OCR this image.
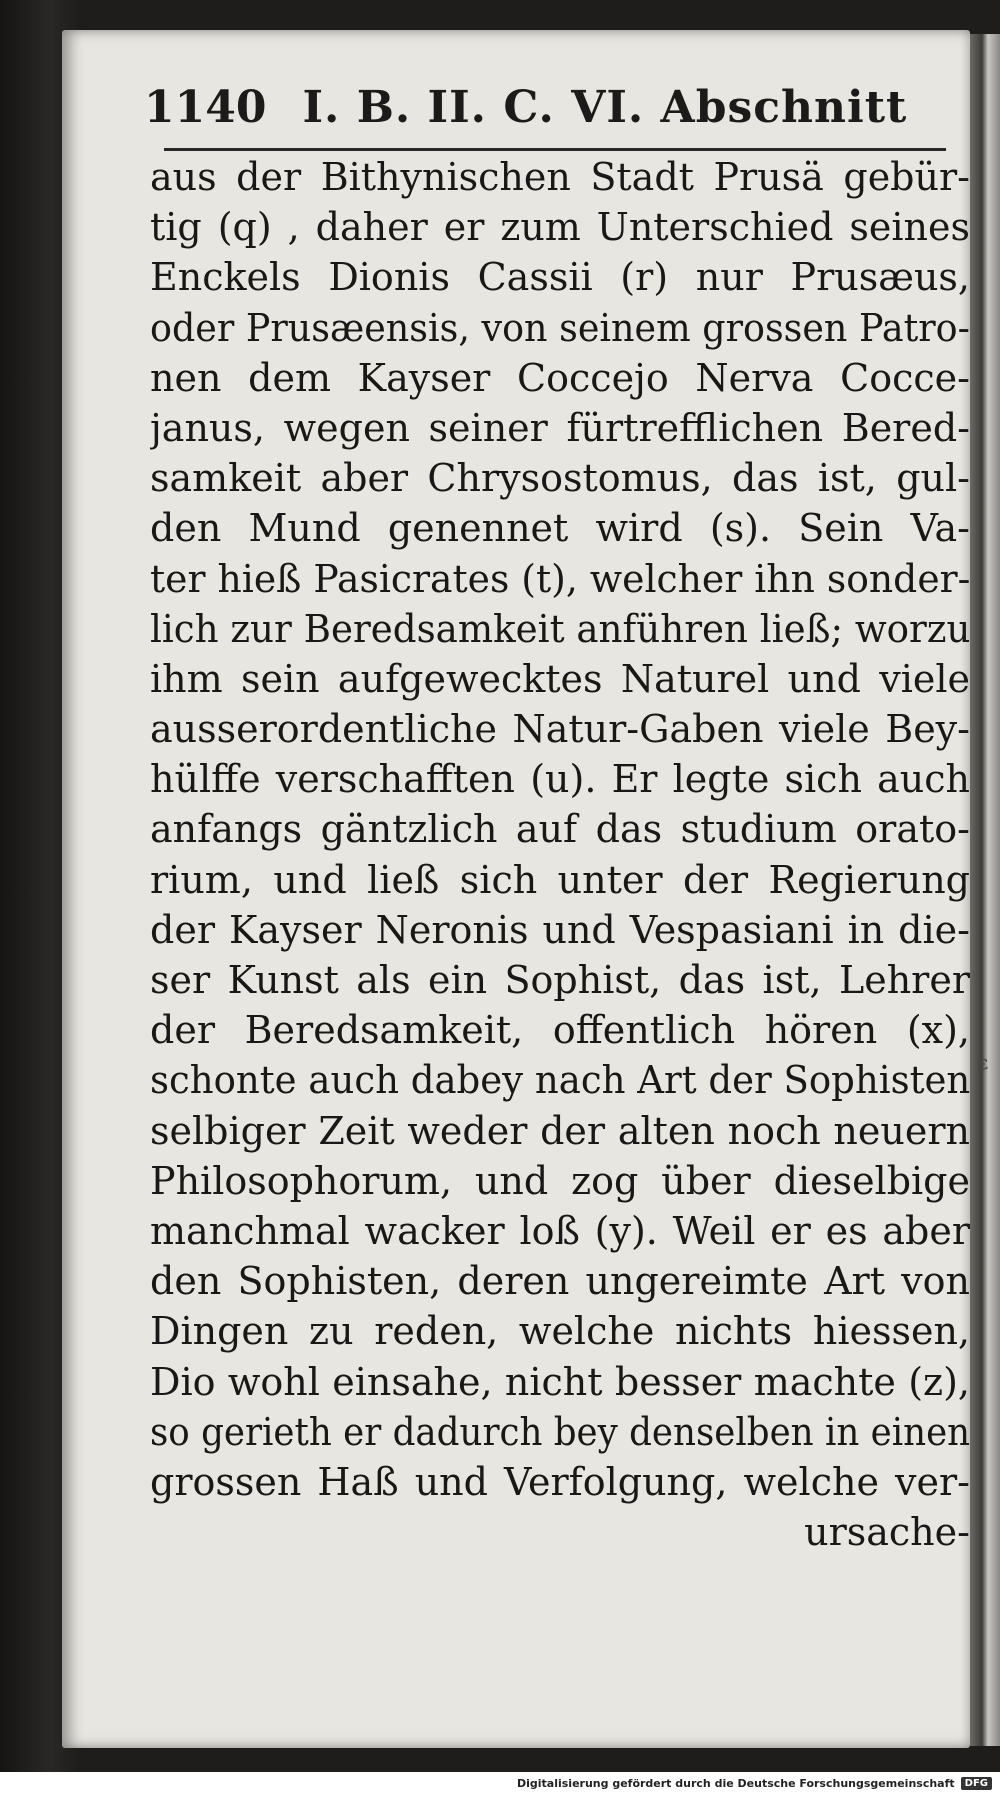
1140 I. B. II. C. VI. Abschnitt
aus der Bithynischen Stadt Prusä gebür-
tig (q) , daher er zum Unterschied seines
Enckels Dionis Cassii (r) nur Prusæus,
oder Prusæensis, von seinem grossen Patro-
nen dem Kayser Coccejo Nerva Cocce-
janus, wegen seiner fürtrefflichen Bered-
samkeit aber Chrysostomus, das ist, gul-
den Mund genennet wird (s). Sein Va-
ter hieß Pasicrates (t), welcher ihn sonder-
lich zur Beredsamkeit anführen ließ; worzu
ihm sein aufgewecktes Naturel und viele
ausserordentliche Natur-Gaben viele Bey-
hülffe verschafften (u). Er legte sich auch
anfangs gäntzlich auf das studium orato-
rium, und ließ sich unter der Regierung
der Kayser Neronis und Vespasiani in die-
ser Kunst als ein Sophist, das ist, Lehrer
der Beredsamkeit, offentlich hören (x),
schonte auch dabey nach Art der Sophisten
selbiger Zeit weder der alten noch neuern
Philosophorum, und zog über dieselbige
manchmal wacker loß (y). Weil er es aber
den Sophisten, deren ungereimte Art von
Dingen zu reden, welche nichts hiessen,
Dio wohl einsahe, nicht besser machte (z),
so gerieth er dadurch bey denselben in einen
grossen Haß und Verfolgung, welche ver-
ursache-
ε
Digitalisierung gefördert durch die Deutsche Forschungsgemeinschaft	DFG
